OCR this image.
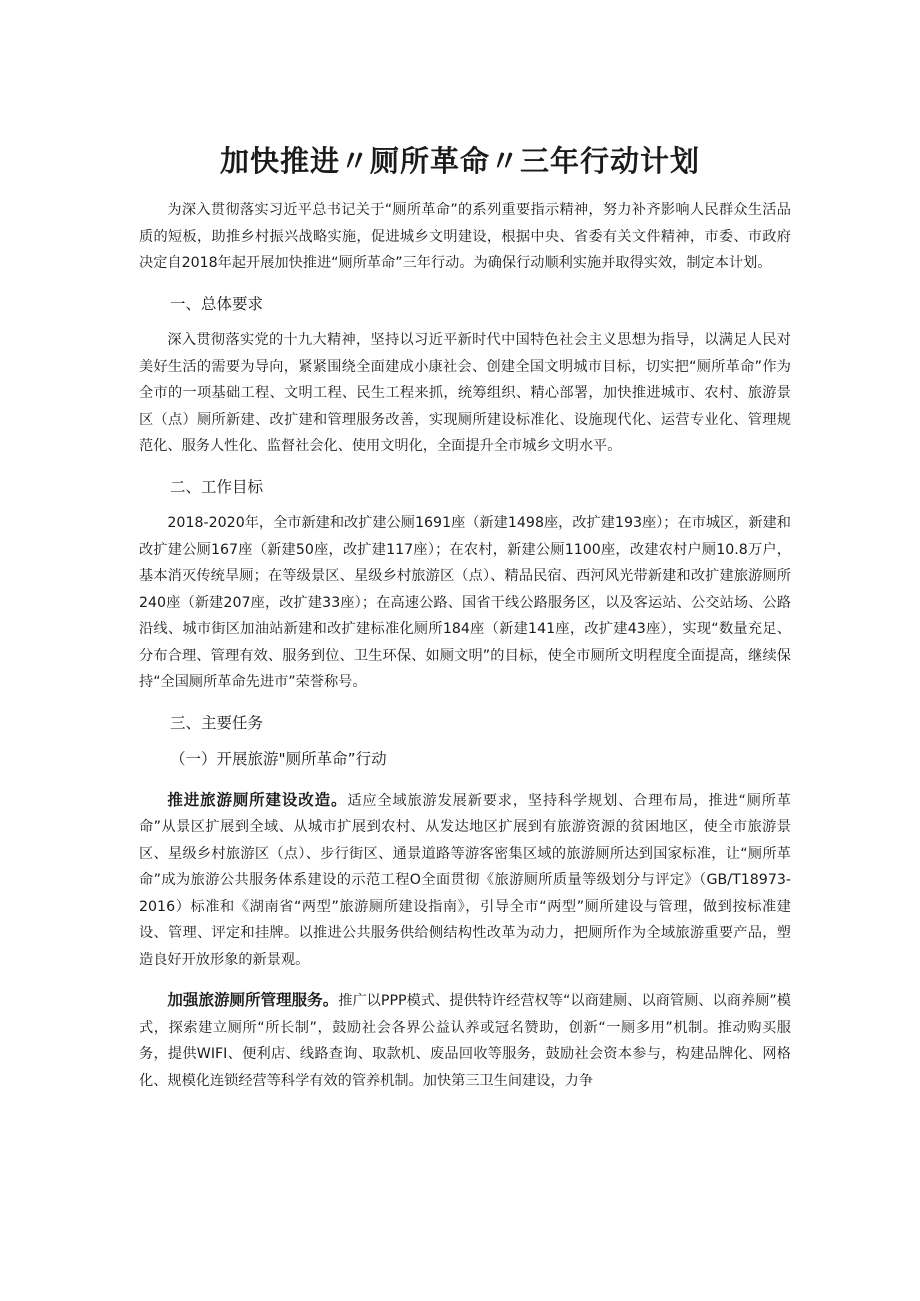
加快推进〃厕所革命〃三年行动计划

为深入贯彻落实习近平总书记关于“厕所革命”的系列重要指示精神，努力补齐影响人民群众生活品质的短板，助推乡村振兴战略实施，促进城乡文明建设，根据中央、省委有关文件精神，市委、市政府决定自2018年起开展加快推进“厕所革命”三年行动。为确保行动顺利实施并取得实效，制定本计划。

一、总体要求

深入贯彻落实党的十九大精神，坚持以习近平新时代中国特色社会主义思想为指导，以满足人民对美好生活的需要为导向，紧紧围绕全面建成小康社会、创建全国文明城市目标，切实把“厕所革命”作为全市的一项基础工程、文明工程、民生工程来抓，统筹组织、精心部署，加快推进城市、农村、旅游景区（点）厕所新建、改扩建和管理服务改善，实现厕所建设标准化、设施现代化、运营专业化、管理规范化、服务人性化、监督社会化、使用文明化，全面提升全市城乡文明水平。

二、工作目标

2018-2020年，全市新建和改扩建公厕1691座（新建1498座，改扩建193座）；在市城区，新建和改扩建公厕167座（新建50座，改扩建117座）；在农村，新建公厕1100座，改建农村户厕10.8万户，基本消灭传统旱厕；在等级景区、星级乡村旅游区（点）、精品民宿、西河风光带新建和改扩建旅游厕所240座（新建207座，改扩建33座）；在高速公路、国省干线公路服务区，以及客运站、公交站场、公路沿线、城市街区加油站新建和改扩建标准化厕所184座（新建141座，改扩建43座），实现“数量充足、分布合理、管理有效、服务到位、卫生环保、如厕文明”的目标，使全市厕所文明程度全面提高，继续保持“全国厕所革命先进市”荣誉称号。

三、主要任务
（一）开展旅游"厕所革命”行动

推进旅游厕所建设改造。适应全域旅游发展新要求，坚持科学规划、合理布局，推进“厕所革命”从景区扩展到全域、从城市扩展到农村、从发达地区扩展到有旅游资源的贫困地区，使全市旅游景区、星级乡村旅游区（点）、步行街区、通景道路等游客密集区域的旅游厕所达到国家标准，让“厕所革命”成为旅游公共服务体系建设的示范工程O全面贯彻《旅游厕所质量等级划分与评定》（GB/T18973-2016）标准和《湖南省“两型”旅游厕所建设指南》，引导全市“两型”厕所建设与管理，做到按标准建设、管理、评定和挂牌。以推进公共服务供给侧结构性改革为动力，把厕所作为全域旅游重要产品，塑造良好开放形象的新景观。

加强旅游厕所管理服务。推广以PPP模式、提供特许经营权等“以商建厕、以商管厕、以商养厕”模式，探索建立厕所“所长制”，鼓励社会各界公益认养或冠名赞助，创新“一厕多用”机制。推动购买服务，提供WIFI、便利店、线路查询、取款机、废品回收等服务，鼓励社会资本参与，构建品牌化、网格化、规模化连锁经营等科学有效的管养机制。加快第三卫生间建设，力争
